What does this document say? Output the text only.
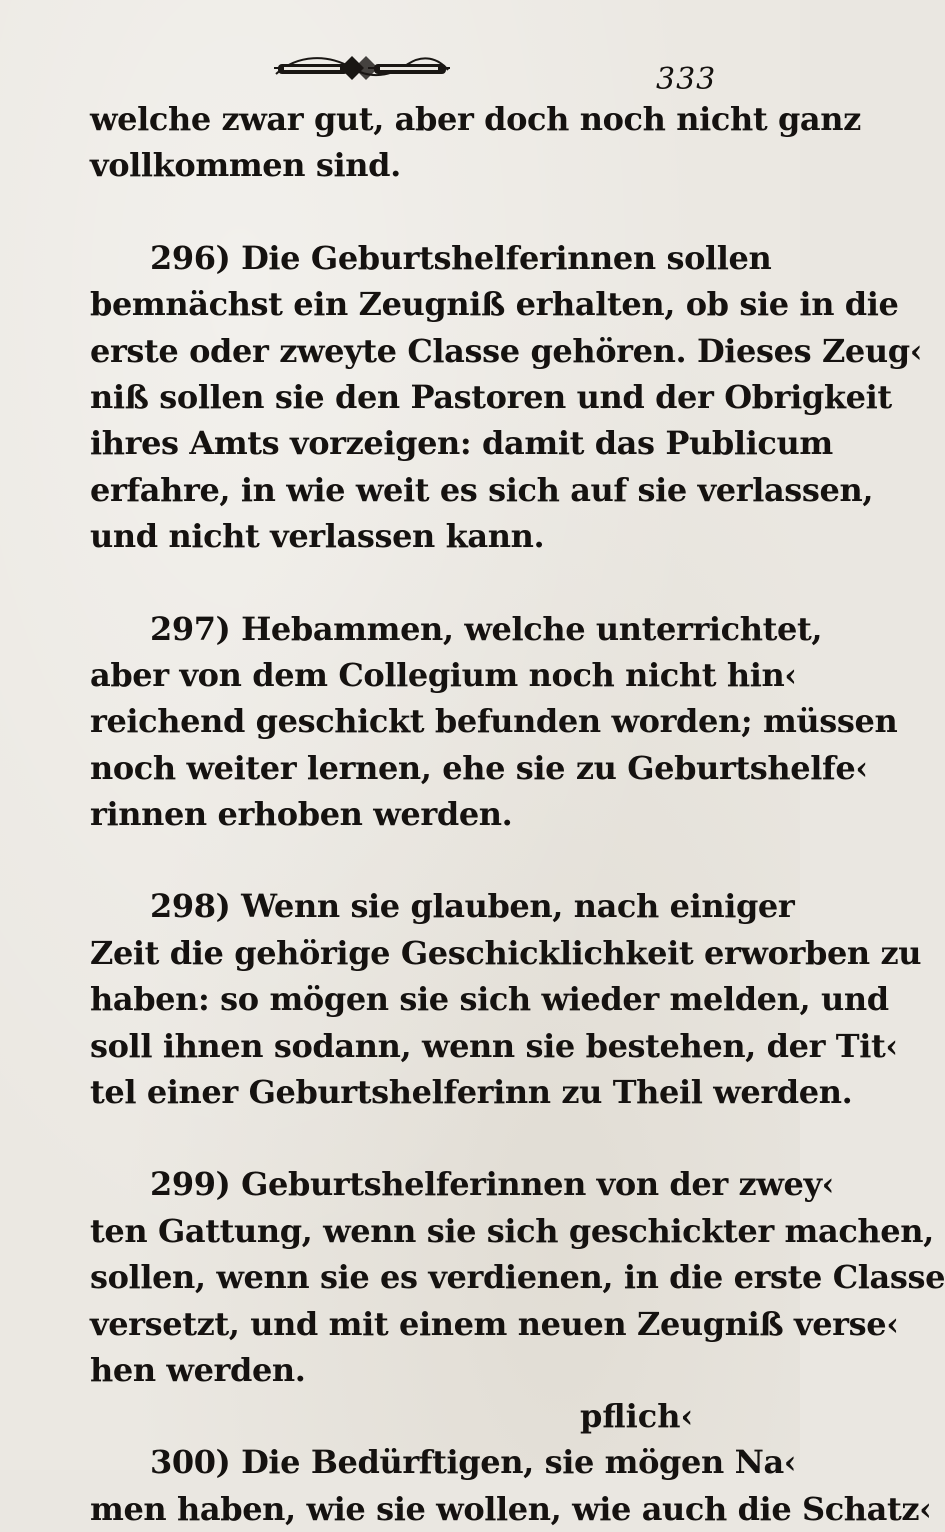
333
welche zwar gut, aber doch noch nicht ganz
vollkommen sind.
296) Die Geburtshelferinnen sollen
bemnächst ein Zeugniß erhalten, ob sie in die
erste oder zweyte Classe gehören. Dieses Zeug‹
niß sollen sie den Pastoren und der Obrigkeit
ihres Amts vorzeigen: damit das Publicum
erfahre, in wie weit es sich auf sie verlassen,
und nicht verlassen kann.
297) Hebammen, welche unterrichtet,
aber von dem Collegium noch nicht hin‹
reichend geschickt befunden worden; müssen
noch weiter lernen, ehe sie zu Geburtshelfe‹
rinnen erhoben werden.
298) Wenn sie glauben, nach einiger
Zeit die gehörige Geschicklichkeit erworben zu
haben: so mögen sie sich wieder melden, und
soll ihnen sodann, wenn sie bestehen, der Tit‹
tel einer Geburtshelferinn zu Theil werden.
299) Geburtshelferinnen von der zwey‹
ten Gattung, wenn sie sich geschickter machen,
sollen, wenn sie es verdienen, in die erste Classe
versetzt, und mit einem neuen Zeugniß verse‹
hen werden.
300) Die Bedürftigen, sie mögen Na‹
men haben, wie sie wollen, wie auch die Schatz‹
pflich‹
